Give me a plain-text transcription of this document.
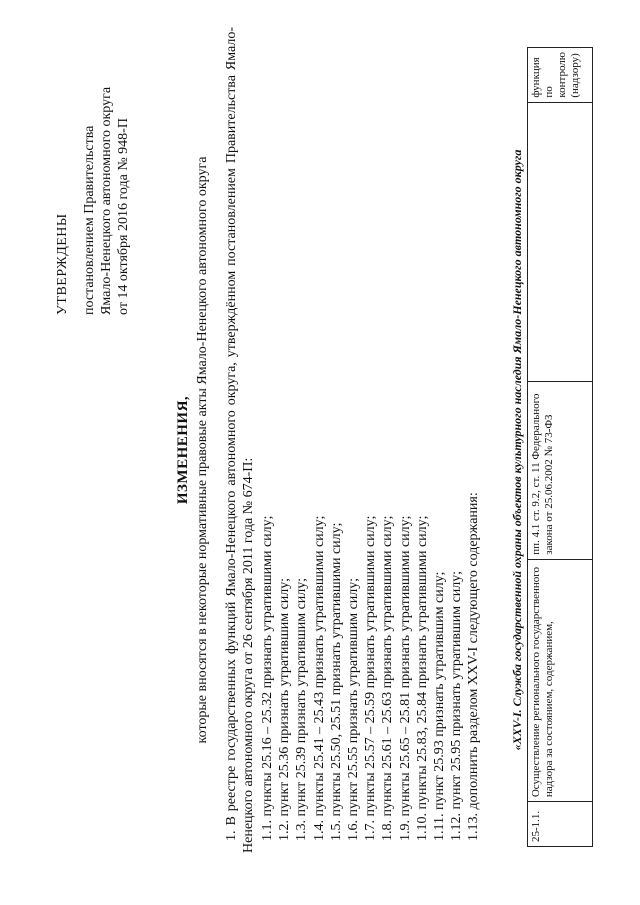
УТВЕРЖДЕНЫ постановлением Правительства Ямало-Ненецкого автономного округа от 14 октября 2016 года № 948-П
ИЗМЕНЕНИЯ, которые вносятся в некоторые нормативные правовые акты Ямало-Ненецкого автономного округа 1. В реестре государственных функций Ямало-Ненецкого автономного округа, утверждённом постановлением Правительства Ямало-Ненецкого автономного округа от 26 сентября 2011 года № 674-П: 1.1. пункты 25.16 – 25.32 признать утратившими силу; 1.2. пункт 25.36 признать утратившим силу; 1.3. пункт 25.39 признать утратившим силу; 1.4. пункты 25.41 – 25.43 признать утратившими силу; 1.5. пункты 25.50, 25.51 признать утратившими силу; 1.6. пункт 25.55 признать утратившим силу; 1.7. пункты 25.57 – 25.59 признать утратившими силу; 1.8. пункты 25.61 – 25.63 признать утратившими силу; 1.9. пункты 25.65 – 25.81 признать утратившими силу; 1.10. пункты 25.83, 25.84 признать утратившими силу; 1.11. пункт 25.93 признать утратившим силу; 1.12. пункт 25.95 признать утратившим силу; 1.13. дополнить разделом XXV-I следующего содержания: «XXV-I. Служба государственной охраны объектов культурного наследия Ямало-Ненецкого автономного округа
25-1.1.	Осуществление регионального государственного надзора за состоянием, содержанием,	пп. 4.1 ст. 9.2, ст. 11 Федерального закона от 25.06.2002 № 73-ФЗ		функция по контролю (надзору)
